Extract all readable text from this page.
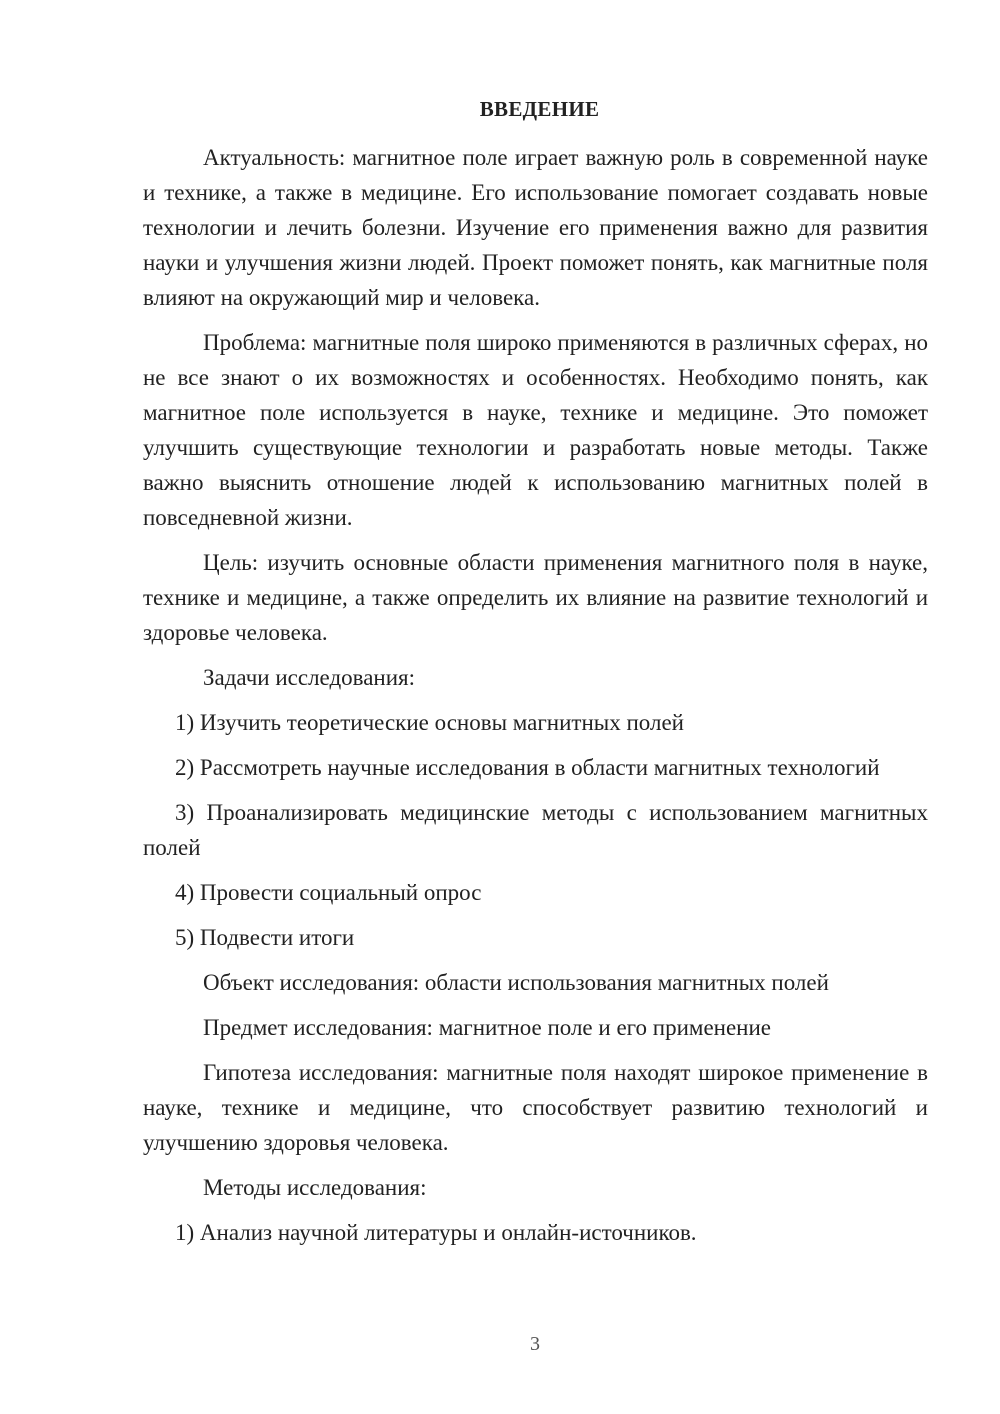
ВВЕДЕНИЕ

Актуальность: магнитное поле играет важную роль в современной науке и технике, а также в медицине. Его использование помогает создавать новые технологии и лечить болезни. Изучение его применения важно для развития науки и улучшения жизни людей. Проект поможет понять, как магнитные поля влияют на окружающий мир и человека.

Проблема: магнитные поля широко применяются в различных сферах, но не все знают о их возможностях и особенностях. Необходимо понять, как магнитное поле используется в науке, технике и медицине. Это поможет улучшить существующие технологии и разработать новые методы. Также важно выяснить отношение людей к использованию магнитных полей в повседневной жизни.

Цель: изучить основные области применения магнитного поля в науке, технике и медицине, а также определить их влияние на развитие технологий и здоровье человека.

Задачи исследования:

1) Изучить теоретические основы магнитных полей

2) Рассмотреть научные исследования в области магнитных технологий

3) Проанализировать медицинские методы с использованием магнитных полей

4) Провести социальный опрос

5) Подвести итоги

Объект исследования: области использования магнитных полей

Предмет исследования: магнитное поле и его применение

Гипотеза исследования: магнитные поля находят широкое применение в науке, технике и медицине, что способствует развитию технологий и улучшению здоровья человека.

Методы исследования:

1) Анализ научной литературы и онлайн-источников.

3
